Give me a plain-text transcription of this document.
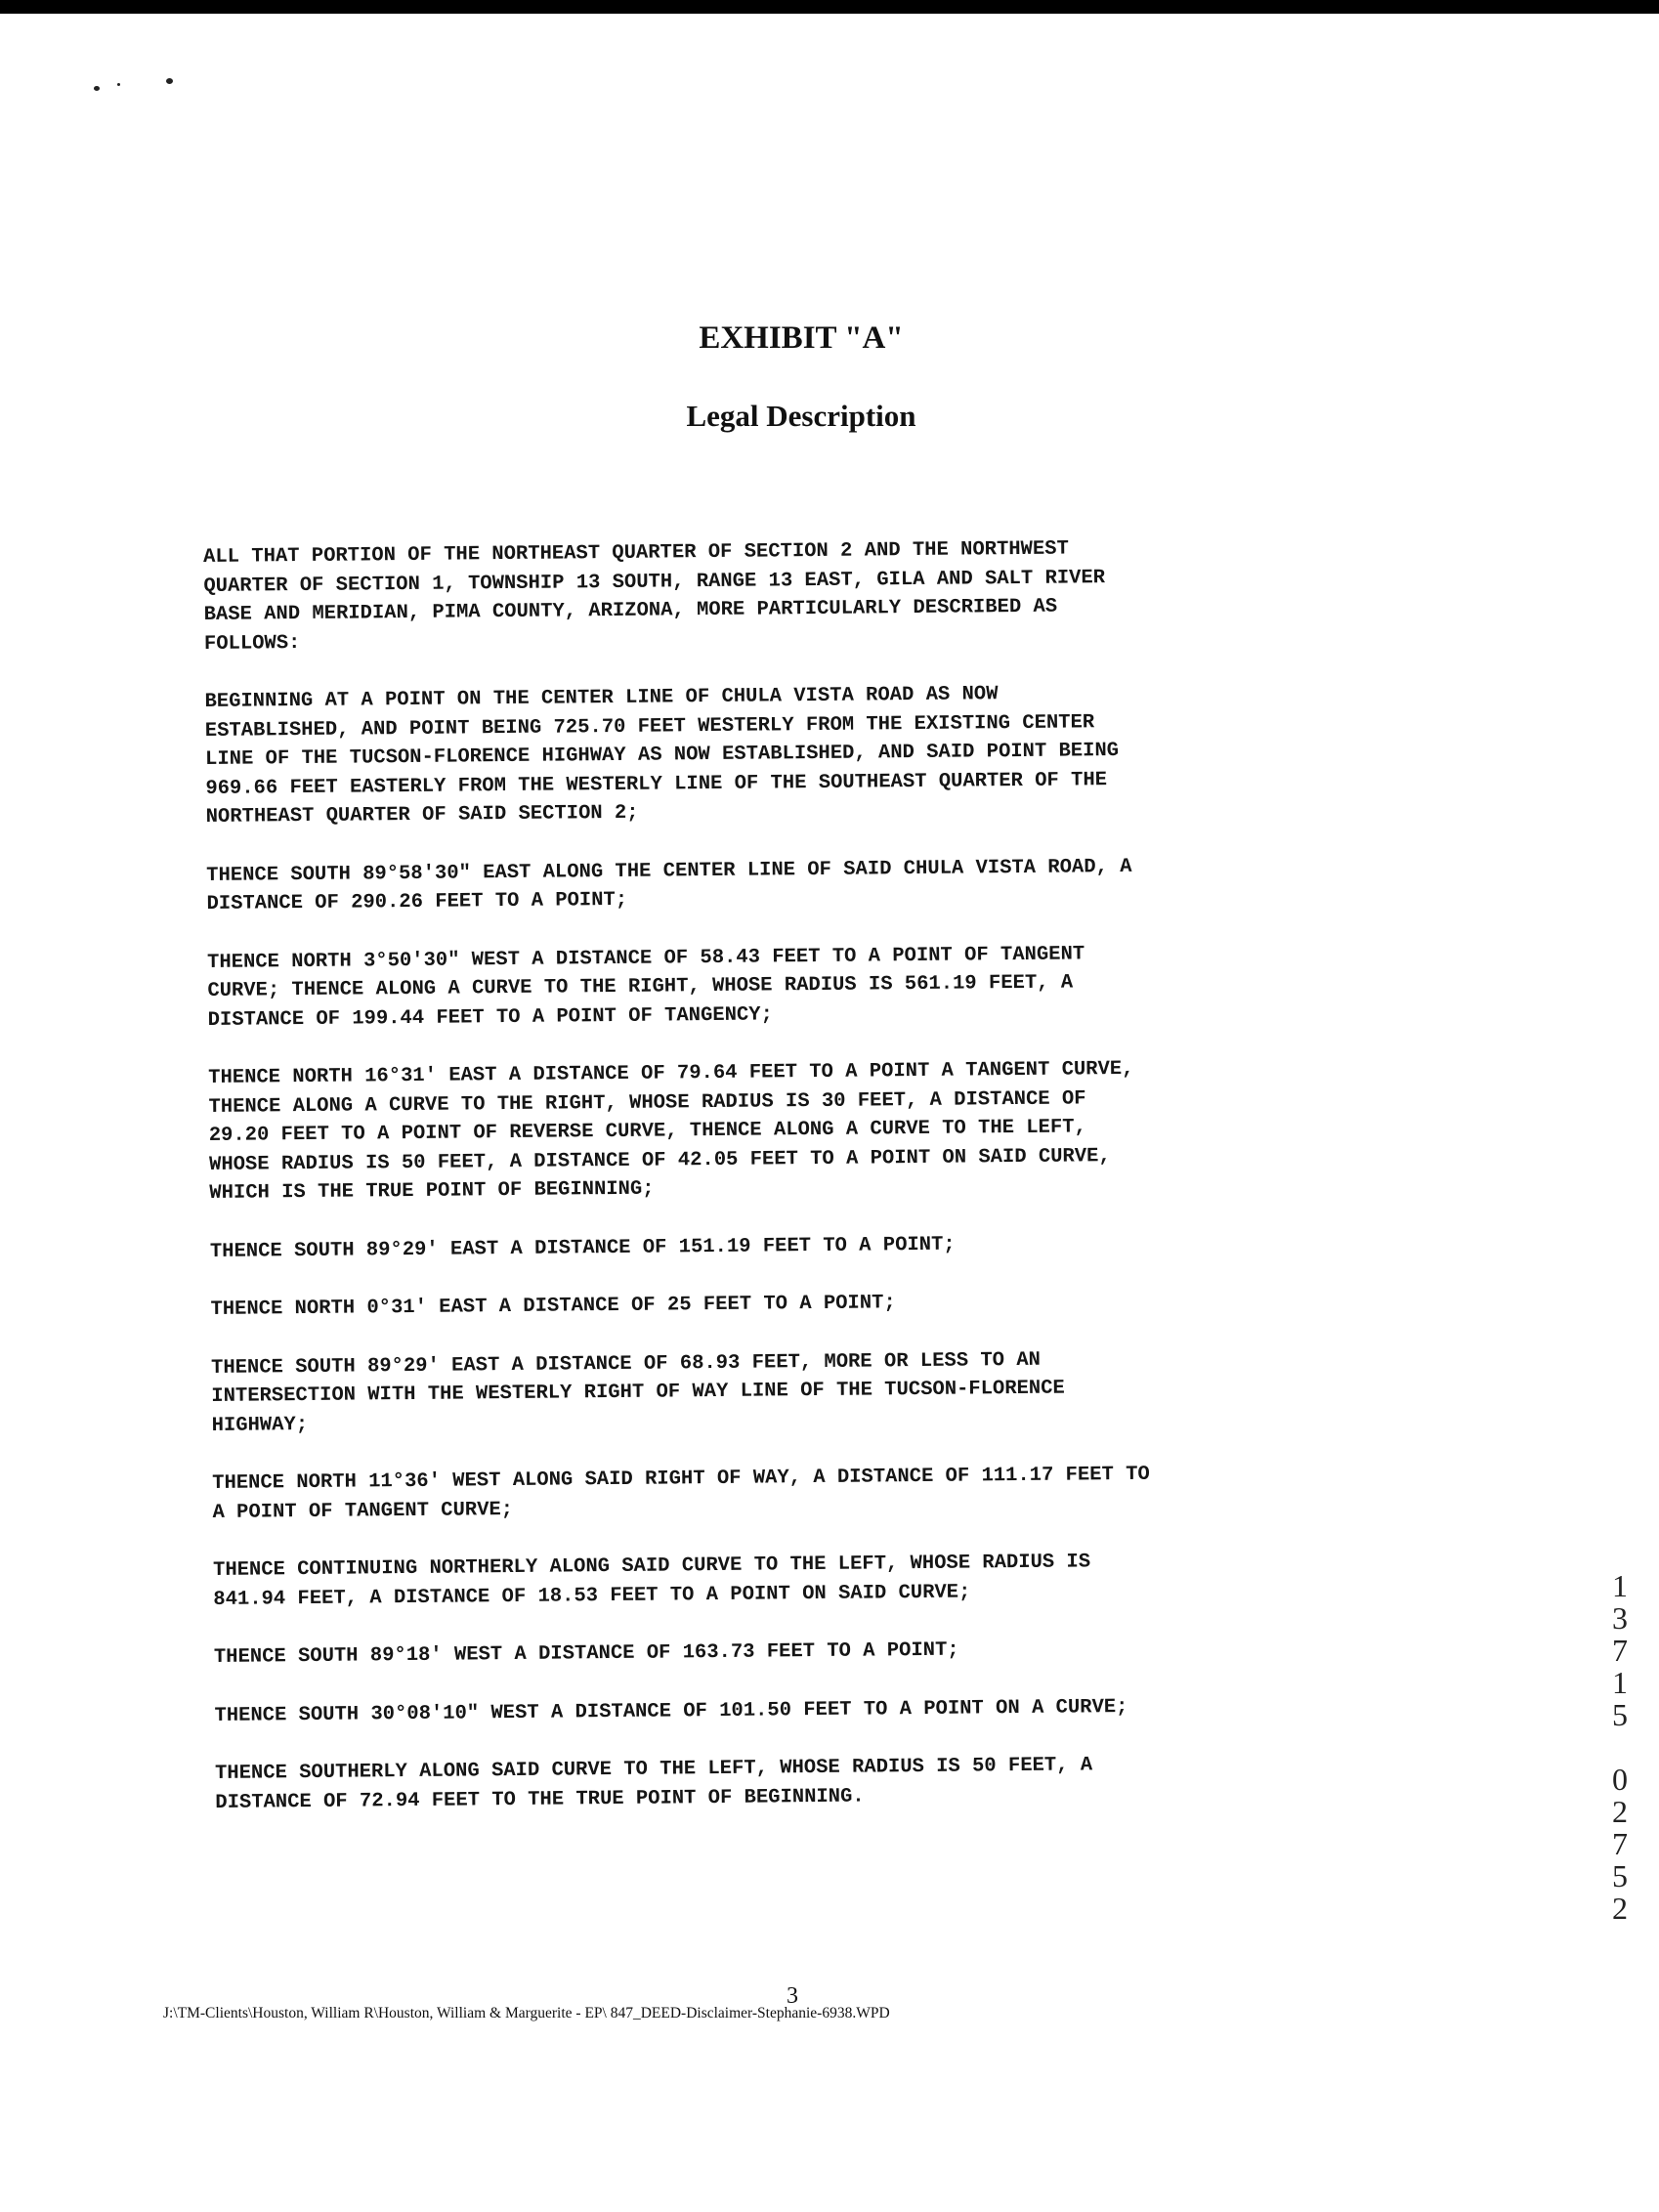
EXHIBIT "A"
Legal Description

ALL THAT PORTION OF THE NORTHEAST QUARTER OF SECTION 2 AND THE NORTHWEST
QUARTER OF SECTION 1, TOWNSHIP 13 SOUTH, RANGE 13 EAST, GILA AND SALT RIVER
BASE AND MERIDIAN, PIMA COUNTY, ARIZONA, MORE PARTICULARLY DESCRIBED AS
FOLLOWS:

BEGINNING AT A POINT ON THE CENTER LINE OF CHULA VISTA ROAD AS NOW
ESTABLISHED, AND POINT BEING 725.70 FEET WESTERLY FROM THE EXISTING CENTER
LINE OF THE TUCSON-FLORENCE HIGHWAY AS NOW ESTABLISHED, AND SAID POINT BEING
969.66 FEET EASTERLY FROM THE WESTERLY LINE OF THE SOUTHEAST QUARTER OF THE
NORTHEAST QUARTER OF SAID SECTION 2;

THENCE SOUTH 89°58'30" EAST ALONG THE CENTER LINE OF SAID CHULA VISTA ROAD, A
DISTANCE OF 290.26 FEET TO A POINT;

THENCE NORTH 3°50'30" WEST A DISTANCE OF 58.43 FEET TO A POINT OF TANGENT
CURVE; THENCE ALONG A CURVE TO THE RIGHT, WHOSE RADIUS IS 561.19 FEET, A
DISTANCE OF 199.44 FEET TO A POINT OF TANGENCY;

THENCE NORTH 16°31' EAST A DISTANCE OF 79.64 FEET TO A POINT A TANGENT CURVE,
THENCE ALONG A CURVE TO THE RIGHT, WHOSE RADIUS IS 30 FEET, A DISTANCE OF
29.20 FEET TO A POINT OF REVERSE CURVE, THENCE ALONG A CURVE TO THE LEFT,
WHOSE RADIUS IS 50 FEET, A DISTANCE OF 42.05 FEET TO A POINT ON SAID CURVE,
WHICH IS THE TRUE POINT OF BEGINNING;

THENCE SOUTH 89°29' EAST A DISTANCE OF 151.19 FEET TO A POINT;

THENCE NORTH 0°31' EAST A DISTANCE OF 25 FEET TO A POINT;

THENCE SOUTH 89°29' EAST A DISTANCE OF 68.93 FEET, MORE OR LESS TO AN
INTERSECTION WITH THE WESTERLY RIGHT OF WAY LINE OF THE TUCSON-FLORENCE
HIGHWAY;

THENCE NORTH 11°36' WEST ALONG SAID RIGHT OF WAY, A DISTANCE OF 111.17 FEET TO
A POINT OF TANGENT CURVE;

THENCE CONTINUING NORTHERLY ALONG SAID CURVE TO THE LEFT, WHOSE RADIUS IS
841.94 FEET, A DISTANCE OF 18.53 FEET TO A POINT ON SAID CURVE;

THENCE SOUTH 89°18' WEST A DISTANCE OF 163.73 FEET TO A POINT;

THENCE SOUTH 30°08'10" WEST A DISTANCE OF 101.50 FEET TO A POINT ON A CURVE;

THENCE SOUTHERLY ALONG SAID CURVE TO THE LEFT, WHOSE RADIUS IS 50 FEET, A
DISTANCE OF 72.94 FEET TO THE TRUE POINT OF BEGINNING.	13715 02752
3
J:\TM-Clients\Houston, William R\Houston, William & Marguerite - EP\ 847_DEED-Disclaimer-Stephanie-6938.WPD
